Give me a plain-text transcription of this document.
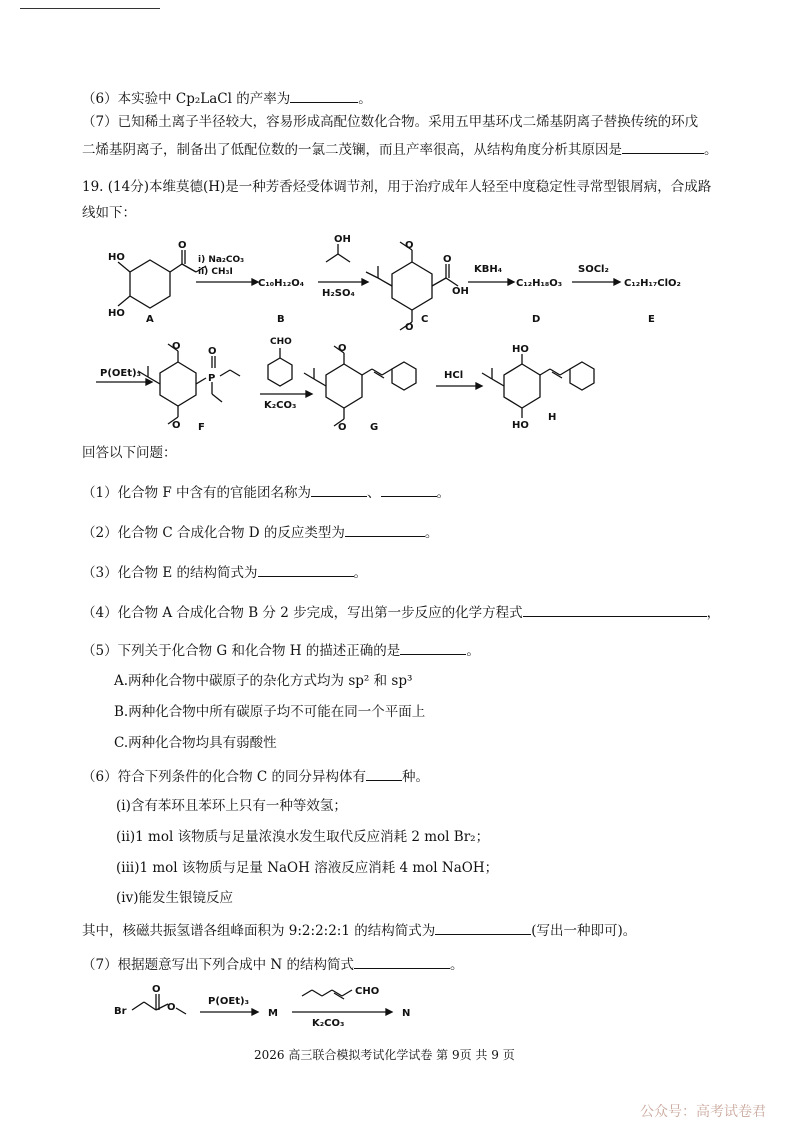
（6）本实验中 Cp₂LaCl 的产率为	。
（7）已知稀土离子半径较大，容易形成高配位数化合物。采用五甲基环戊二烯基阴离子替换传统的环戊
二烯基阴离子，制备出了低配位数的一氯二茂镧，而且产率很高，从结构角度分析其原因是	。
19. (14分)本维莫德(H)是一种芳香烃受体调节剂，用于治疗成年人轻至中度稳定性寻常型银屑病，合成路
线如下：
HO
HO
O
A
i) Na₂CO₃
ii) CH₃I
C₁₀H₁₂O₄
B
OH
H₂SO₄
O
O
O
OH
C
KBH₄
C₁₂H₁₈O₃
D
SOCl₂
C₁₂H₁₇ClO₂
E
P(OEt)₃
O
O
P
O
F
CHO
K₂CO₃
O
O G
HCl
HO
HO
H
回答以下问题：
（1）化合物 F 中含有的官能团名称为	、	。
（2）化合物 C 合成化合物 D 的反应类型为	。
（3）化合物 E 的结构简式为	。
（4）化合物 A 合成化合物 B 分 2 步完成，写出第一步反应的化学方程式	，
（5）下列关于化合物 G 和化合物 H 的描述正确的是	。
A.两种化合物中碳原子的杂化方式均为 sp² 和 sp³
B.两种化合物中所有碳原子均不可能在同一个平面上
C.两种化合物均具有弱酸性
（6）符合下列条件的化合物 C 的同分异构体有	种。
(i)含有苯环且苯环上只有一种等效氢；
(ii)1 mol 该物质与足量浓溴水发生取代反应消耗 2 mol Br₂；
(iii)1 mol 该物质与足量 NaOH 溶液反应消耗 4 mol NaOH；
(iv)能发生银镜反应
其中，核磁共振氢谱各组峰面积为 9:2:2:2:1 的结构简式为	(写出一种即可)。
（7）根据题意写出下列合成中 N 的结构简式	。
Br
O
O
P(OEt)₃
M
CHO
K₂CO₃
N
2026 高三联合模拟考试化学试卷 第 9页 共 9 页
公众号：高考试卷君
